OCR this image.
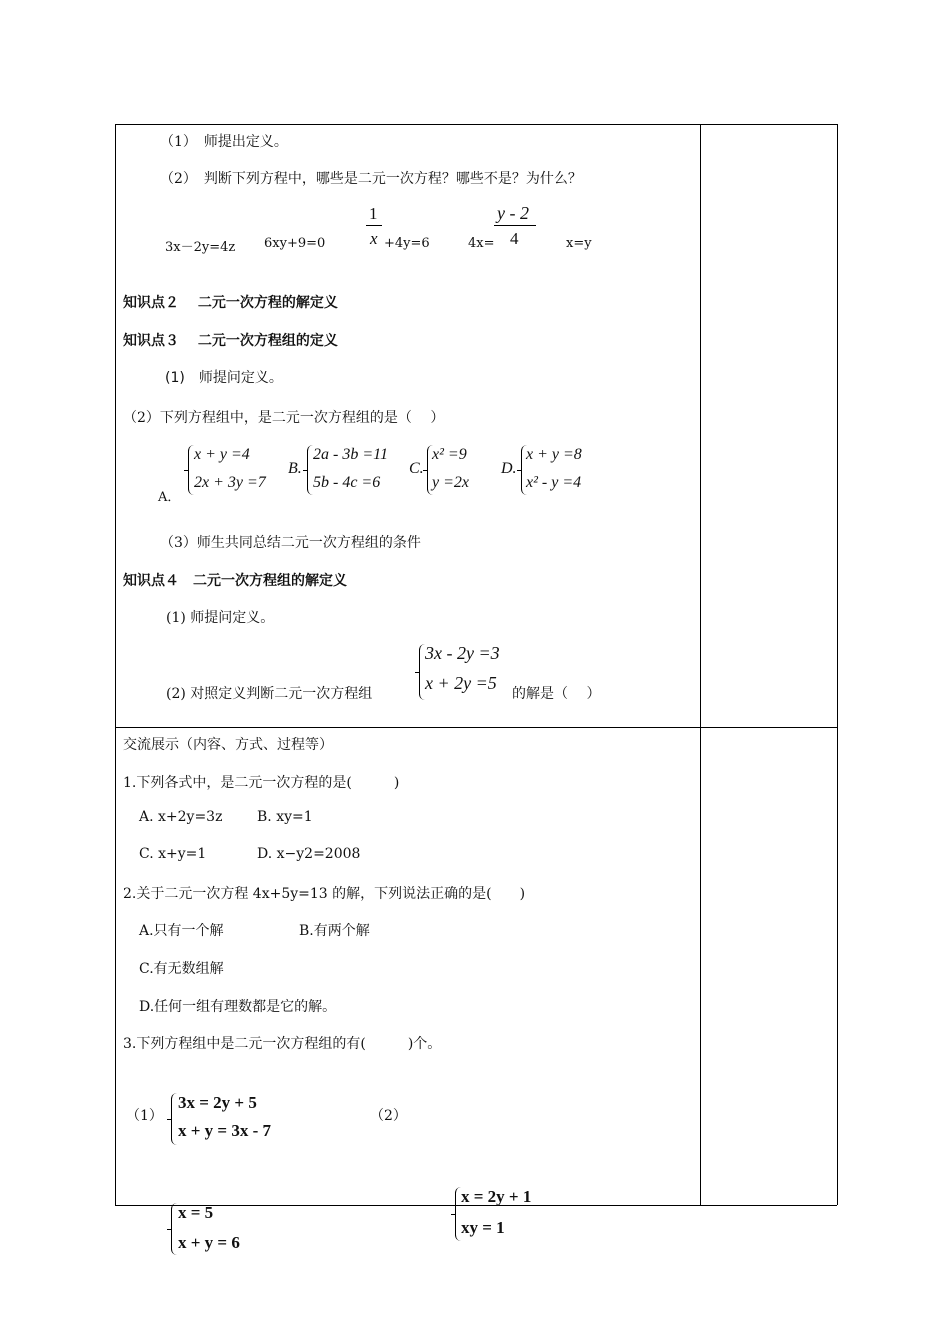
（1）　师提出定义。
（2）　判断下列方程中，哪些是二元一次方程？哪些不是？为什么？
3x－2y=4z 6xy+9=0
1
x +4y=6	4x=
y - 2
4	x=y
知识点２　 二元一次方程的解定义
知识点３　 二元一次方程组的定义
(1)　师提问定义。
（2）下列方程组中，是二元一次方程组的是（　 ）
A．
x + y =4
2x + 3y =7
B.
2a - 3b =11
5b - 4c =6
C.
x² =9
y =2x
D.
x + y =8
x² - y =4
（3）师生共同总结二元一次方程组的条件
知识点４　二元一次方程组的解定义
(1) 师提问定义。
(2) 对照定义判断二元一次方程组
3x - 2y =3
x + 2y =5
的解是（　 ）
交流展示（内容、方式、过程等）
1.下列各式中，是二元一次方程的是(　　　)
A. x+2y=3z B. xy=1
C. x+y=1	D. x−y2=2008
2.关于二元一次方程 4x+5y=13 的解，下列说法正确的是(　　)
A.只有一个解	B.有两个解
C.有无数组解
D.任何一组有理数都是它的解。
3.下列方程组中是二元一次方程组的有(　　　)个。
（1）
3x = 2y + 5
x + y = 3x - 7
（2）
x = 5
x + y = 6
x = 2y + 1
xy = 1
